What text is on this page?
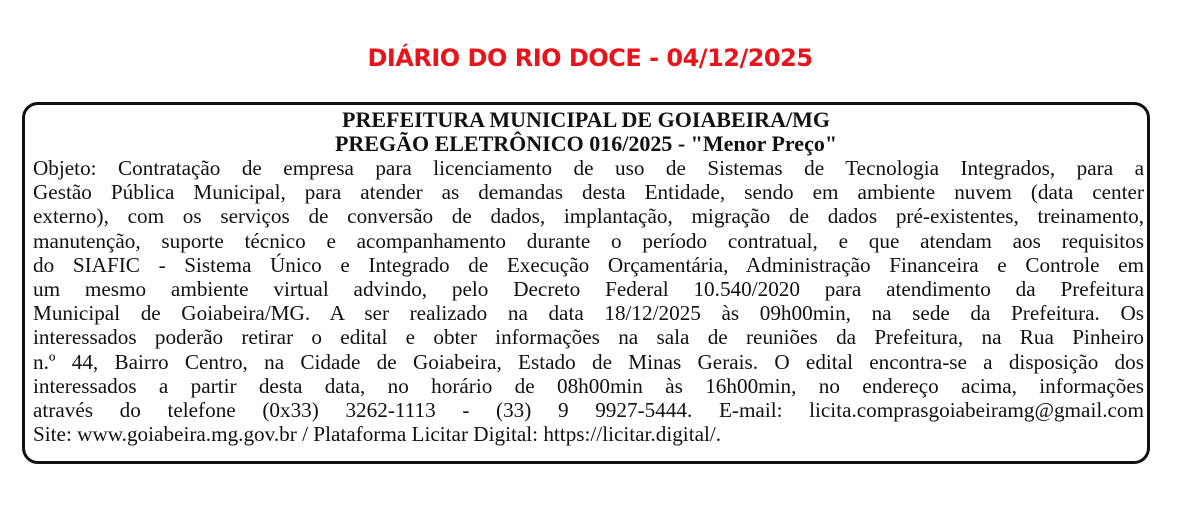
DIÁRIO DO RIO DOCE - 04/12/2025
PREFEITURA MUNICIPAL DE GOIABEIRA/MG
PREGÃO ELETRÔNICO 016/2025 - "Menor Preço"
Objeto: Contratação de empresa para licenciamento de uso de Sistemas de Tecnologia Integrados, para a
Gestão Pública Municipal, para atender as demandas desta Entidade, sendo em ambiente nuvem (data center
externo), com os serviços de conversão de dados, implantação, migração de dados pré-existentes, treinamento,
manutenção, suporte técnico e acompanhamento durante o período contratual, e que atendam aos requisitos
do SIAFIC - Sistema Único e Integrado de Execução Orçamentária, Administração Financeira e Controle em
um mesmo ambiente virtual advindo, pelo Decreto Federal 10.540/2020 para atendimento da Prefeitura
Municipal de Goiabeira/MG. A ser realizado na data 18/12/2025 às 09h00min, na sede da Prefeitura. Os
interessados poderão retirar o edital e obter informações na sala de reuniões da Prefeitura, na Rua Pinheiro
n.º 44, Bairro Centro, na Cidade de Goiabeira, Estado de Minas Gerais. O edital encontra-se a disposição dos
interessados a partir desta data, no horário de 08h00min às 16h00min, no endereço acima, informações
através do telefone (0x33) 3262-1113 - (33) 9 9927-5444. E-mail: licita.comprasgoiabeiramg@gmail.com
Site: www.goiabeira.mg.gov.br / Plataforma Licitar Digital: https://licitar.digital/.
